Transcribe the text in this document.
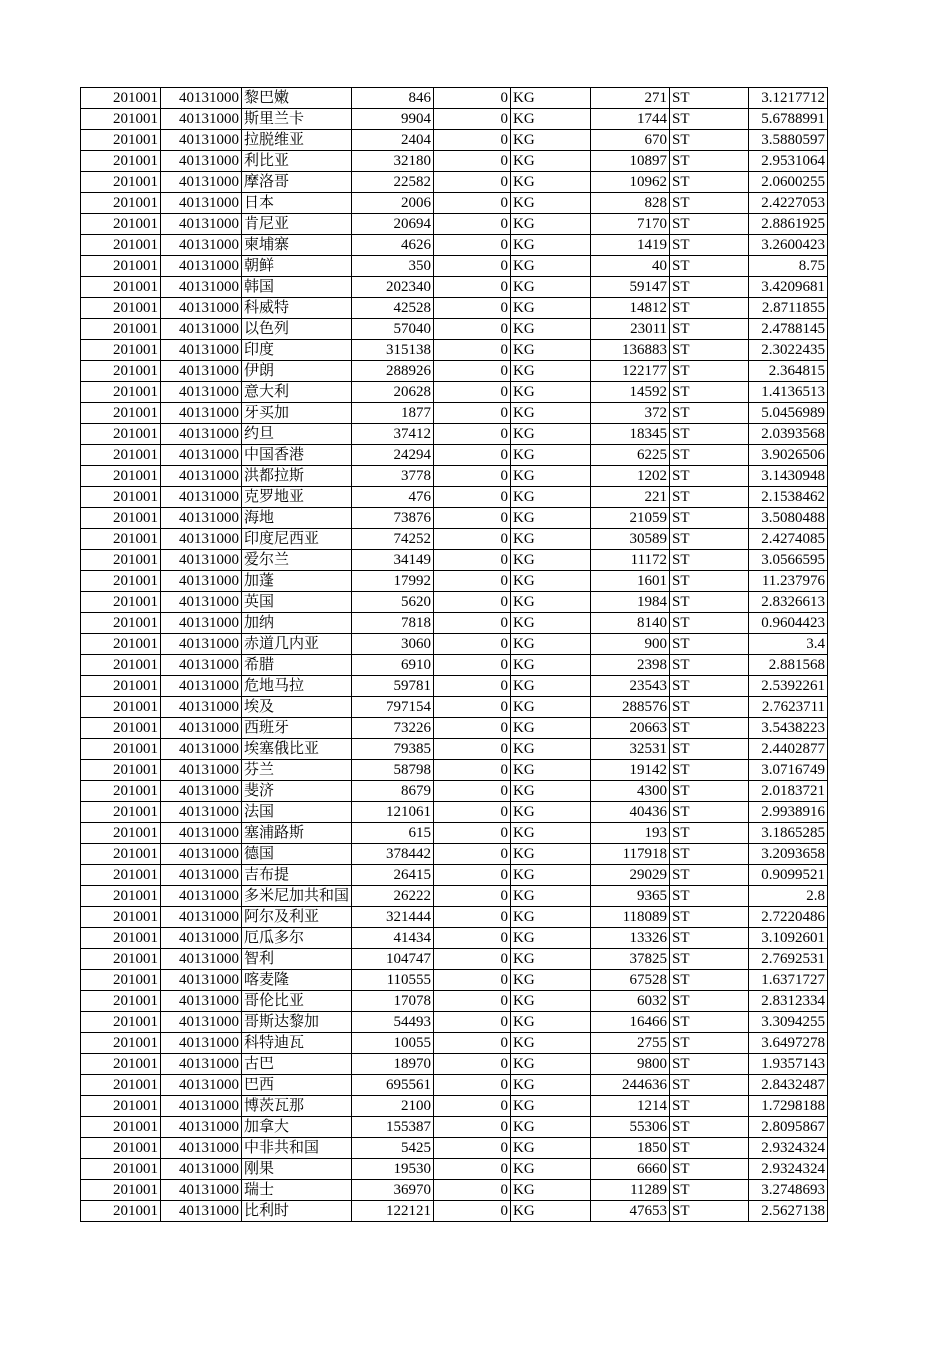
201001	40131000	黎巴嫩	846	0	KG	271	ST	3.1217712
201001	40131000	斯里兰卡	9904	0	KG	1744	ST	5.6788991
201001	40131000	拉脱维亚	2404	0	KG	670	ST	3.5880597
201001	40131000	利比亚	32180	0	KG	10897	ST	2.9531064
201001	40131000	摩洛哥	22582	0	KG	10962	ST	2.0600255
201001	40131000	日本	2006	0	KG	828	ST	2.4227053
201001	40131000	肯尼亚	20694	0	KG	7170	ST	2.8861925
201001	40131000	柬埔寨	4626	0	KG	1419	ST	3.2600423
201001	40131000	朝鲜	350	0	KG	40	ST	8.75
201001	40131000	韩国	202340	0	KG	59147	ST	3.4209681
201001	40131000	科威特	42528	0	KG	14812	ST	2.8711855
201001	40131000	以色列	57040	0	KG	23011	ST	2.4788145
201001	40131000	印度	315138	0	KG	136883	ST	2.3022435
201001	40131000	伊朗	288926	0	KG	122177	ST	2.364815
201001	40131000	意大利	20628	0	KG	14592	ST	1.4136513
201001	40131000	牙买加	1877	0	KG	372	ST	5.0456989
201001	40131000	约旦	37412	0	KG	18345	ST	2.0393568
201001	40131000	中国香港	24294	0	KG	6225	ST	3.9026506
201001	40131000	洪都拉斯	3778	0	KG	1202	ST	3.1430948
201001	40131000	克罗地亚	476	0	KG	221	ST	2.1538462
201001	40131000	海地	73876	0	KG	21059	ST	3.5080488
201001	40131000	印度尼西亚	74252	0	KG	30589	ST	2.4274085
201001	40131000	爱尔兰	34149	0	KG	11172	ST	3.0566595
201001	40131000	加蓬	17992	0	KG	1601	ST	11.237976
201001	40131000	英国	5620	0	KG	1984	ST	2.8326613
201001	40131000	加纳	7818	0	KG	8140	ST	0.9604423
201001	40131000	赤道几内亚	3060	0	KG	900	ST	3.4
201001	40131000	希腊	6910	0	KG	2398	ST	2.881568
201001	40131000	危地马拉	59781	0	KG	23543	ST	2.5392261
201001	40131000	埃及	797154	0	KG	288576	ST	2.7623711
201001	40131000	西班牙	73226	0	KG	20663	ST	3.5438223
201001	40131000	埃塞俄比亚	79385	0	KG	32531	ST	2.4402877
201001	40131000	芬兰	58798	0	KG	19142	ST	3.0716749
201001	40131000	斐济	8679	0	KG	4300	ST	2.0183721
201001	40131000	法国	121061	0	KG	40436	ST	2.9938916
201001	40131000	塞浦路斯	615	0	KG	193	ST	3.1865285
201001	40131000	德国	378442	0	KG	117918	ST	3.2093658
201001	40131000	吉布提	26415	0	KG	29029	ST	0.9099521
201001	40131000	多米尼加共和国	26222	0	KG	9365	ST	2.8
201001	40131000	阿尔及利亚	321444	0	KG	118089	ST	2.7220486
201001	40131000	厄瓜多尔	41434	0	KG	13326	ST	3.1092601
201001	40131000	智利	104747	0	KG	37825	ST	2.7692531
201001	40131000	喀麦隆	110555	0	KG	67528	ST	1.6371727
201001	40131000	哥伦比亚	17078	0	KG	6032	ST	2.8312334
201001	40131000	哥斯达黎加	54493	0	KG	16466	ST	3.3094255
201001	40131000	科特迪瓦	10055	0	KG	2755	ST	3.6497278
201001	40131000	古巴	18970	0	KG	9800	ST	1.9357143
201001	40131000	巴西	695561	0	KG	244636	ST	2.8432487
201001	40131000	博茨瓦那	2100	0	KG	1214	ST	1.7298188
201001	40131000	加拿大	155387	0	KG	55306	ST	2.8095867
201001	40131000	中非共和国	5425	0	KG	1850	ST	2.9324324
201001	40131000	刚果	19530	0	KG	6660	ST	2.9324324
201001	40131000	瑞士	36970	0	KG	11289	ST	3.2748693
201001	40131000	比利时	122121	0	KG	47653	ST	2.5627138
